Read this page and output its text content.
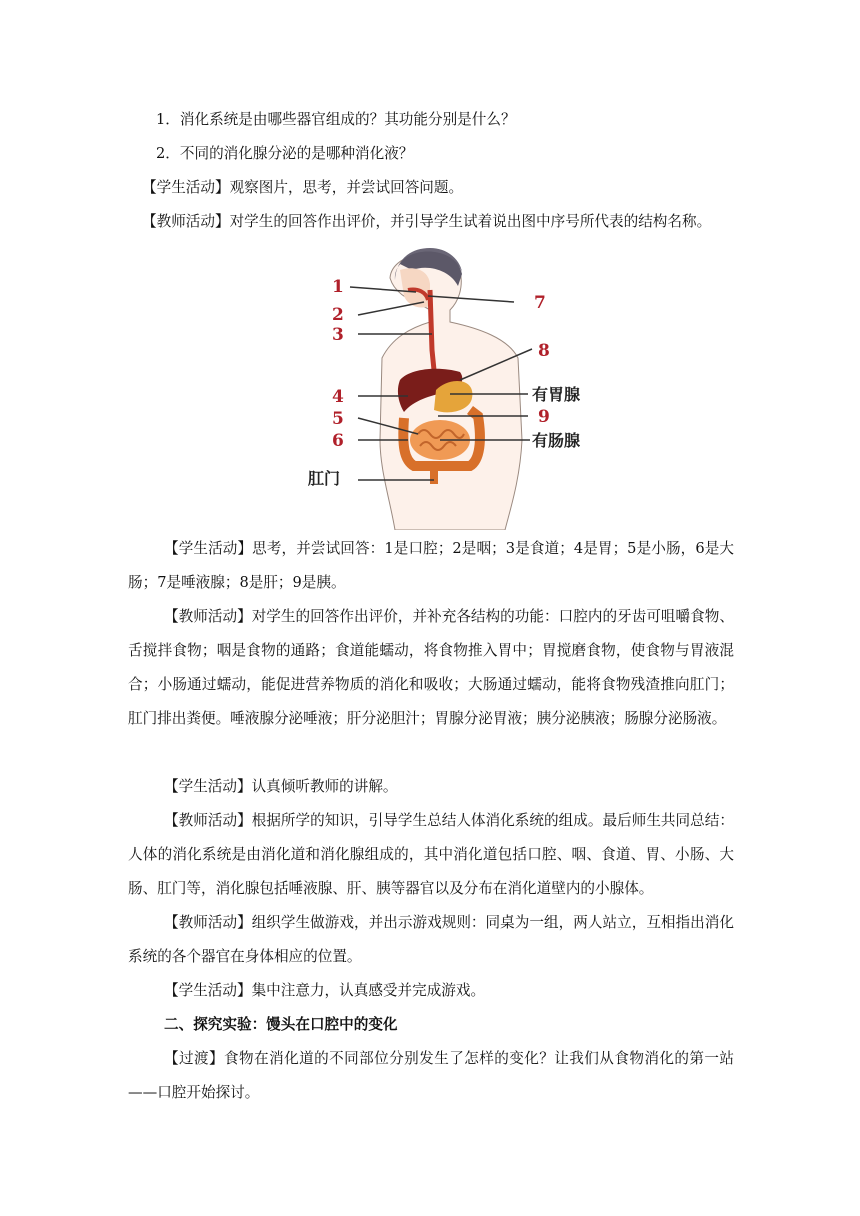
1．消化系统是由哪些器官组成的？其功能分别是什么？

2．不同的消化腺分泌的是哪种消化液？

【学生活动】观察图片，思考，并尝试回答问题。

【教师活动】对学生的回答作出评价，并引导学生试着说出图中序号所代表的结构名称。

1
2
3
4
5
6
7
8
9
有胃腺
有肠腺
肛门

【学生活动】思考，并尝试回答：1是口腔；2是咽；3是食道；4是胃；5是小肠，6是大肠；7是唾液腺；8是肝；9是胰。

【教师活动】对学生的回答作出评价，并补充各结构的功能：口腔内的牙齿可咀嚼食物、舌搅拌食物；咽是食物的通路；食道能蠕动，将食物推入胃中；胃搅磨食物，使食物与胃液混合；小肠通过蠕动，能促进营养物质的消化和吸收；大肠通过蠕动，能将食物残渣推向肛门；肛门排出粪便。唾液腺分泌唾液；肝分泌胆汁；胃腺分泌胃液；胰分泌胰液；肠腺分泌肠液。

【学生活动】认真倾听教师的讲解。

【教师活动】根据所学的知识，引导学生总结人体消化系统的组成。最后师生共同总结：人体的消化系统是由消化道和消化腺组成的，其中消化道包括口腔、咽、食道、胃、小肠、大肠、肛门等，消化腺包括唾液腺、肝、胰等器官以及分布在消化道壁内的小腺体。

【教师活动】组织学生做游戏，并出示游戏规则：同桌为一组，两人站立，互相指出消化系统的各个器官在身体相应的位置。

【学生活动】集中注意力，认真感受并完成游戏。

二、探究实验：馒头在口腔中的变化

【过渡】食物在消化道的不同部位分别发生了怎样的变化？让我们从食物消化的第一站——口腔开始探讨。
